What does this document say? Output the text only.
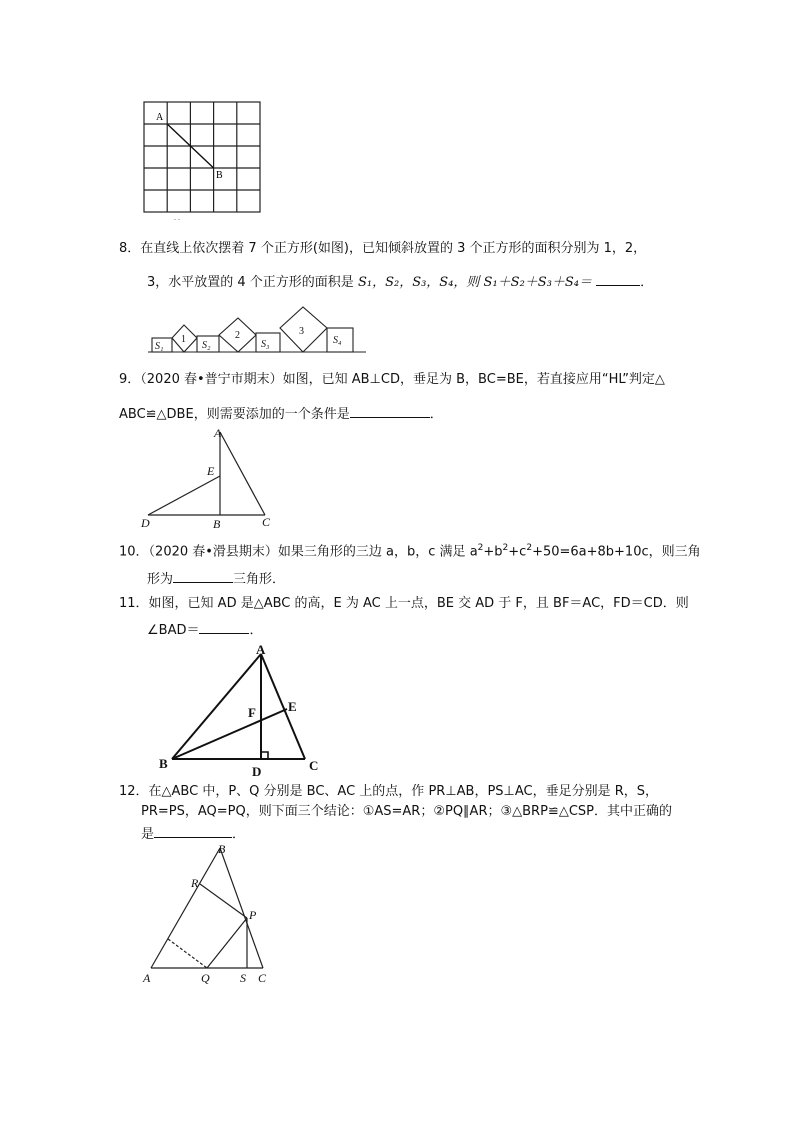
A
B
. .
8．在直线上依次摆着 7 个正方形(如图)，已知倾斜放置的 3 个正方形的面积分别为 1，2，
3，水平放置的 4 个正方形的面积是 S₁，S₂，S₃，S₄，则 S₁＋S₂＋S₃＋S₄＝	．
S₁
1
S₂
2
S₃
3
S₄
9．（2020 春•普宁市期末）如图，已知 AB⊥CD，垂足为 B，BC=BE，若直接应用“HL”判定△
ABC≌△DBE，则需要添加的一个条件是	．
A
E
D	B	C
10．（2020 春•滑县期末）如果三角形的三边 a，b，c 满足 $a^2+b^2+c^2+50=6a+8b+10c$，则三角
形为	三角形．
11．如图，已知 AD 是△ABC 的高，E 为 AC 上一点，BE 交 AD 于 F，且 BF＝AC，FD＝CD．则
∠BAD＝	．
A
E
F
B
D	C
12．在△ABC 中，P、Q 分别是 BC、AC 上的点，作 PR⊥AB，PS⊥AC，垂足分别是 R，S，
PR=PS，AQ=PQ，则下面三个结论：①AS=AR；②PQ∥AR；③△BRP≌△CSP．其中正确的
是	．
B
R
P
A	Q	S C
